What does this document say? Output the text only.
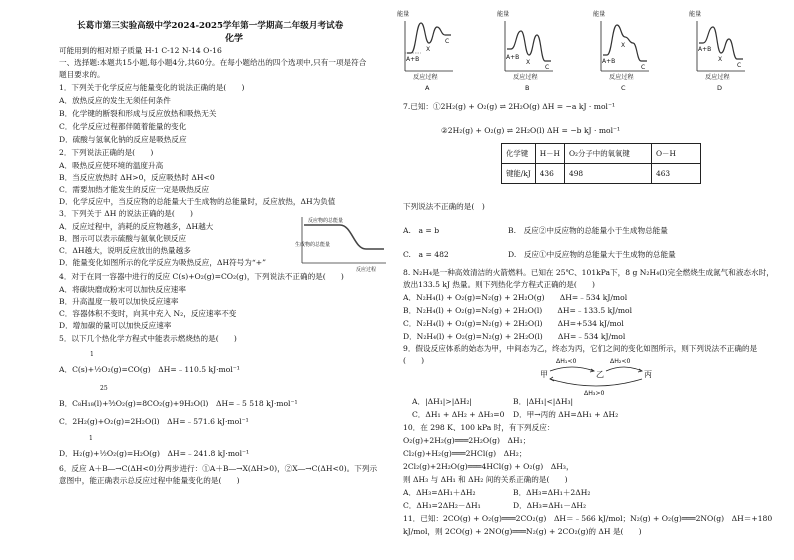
长葛市第三实验高级中学2024-2025学年第一学期高二年级月考试卷
化学
可能用到的相对原子质量 H-1 C-12 N-14 O-16
一、选择题:本题共15小题,每小题4分,共60分。在每小题给出的四个选项中,只有一项是符合
题目要求的。
1．下列关于化学反应与能量变化的说法正确的是(　　)
A．放热反应的发生无须任何条件
B．化学键的断裂和形成与反应放热和吸热无关
C．化学反应过程都伴随着能量的变化
D．硫酸与氢氧化钠的反应是吸热反应
2．下列说法正确的是(　　)
A．吸热反应使环境的温度升高
B．当反应放热时 ΔH>0，反应吸热时 ΔH<0
C．需要加热才能发生的反应一定是吸热反应
D．化学反应中，当反应物的总能量大于生成物的总能量时，反应放热，ΔH为负值
3．下列关于 ΔH 的说法正确的是(　　)
A．反应过程中，消耗的反应物越多，ΔH越大
B．图示可以表示硫酸与氨氧化钡反应
C．ΔH越大，说明反应放出的热量越多
D．能量变化如图所示的化学反应为吸热反应，ΔH符号为“+”
反应物的总能量
生成物的总能量
反应过程
4．对于在同一容器中进行的反应 C(s)+O₂(g)=CO₂(g)，下列说法不正确的是(　　)
A．将碳块磨成粉末可以加快反应速率
B．升高温度一般可以加快反应速率
C．容器体积不变时，向其中充入 N₂，反应速率不变
D．增加碳的量可以加快反应速率
5．以下几个热化学方程式中能表示燃烧热的是(　　)
1
A．C(s)+½O₂(g)=CO(g)　ΔH=﹣110.5 kJ·mol⁻¹
25
B．C₈H₁₈(l)+⁵⁄₂O₂(g)=8CO₂(g)+9H₂O(l)　ΔH=﹣5 518 kJ·mol⁻¹
C．2H₂(g)+O₂(g)=2H₂O(l)　ΔH=﹣571.6 kJ·mol⁻¹
1
D．H₂(g)+½O₂(g)=H₂O(g)　ΔH=﹣241.8 kJ·mol⁻¹
6．反应 A＋B―→C(ΔH<0)分两步进行：①A＋B―→X(ΔH>0)，②X―→C(ΔH<0)。下列示
意图中，能正确表示总反应过程中能量变化的是(　　)
能量
A+B
X
C
反应过程
A
能量
A+B
X
C
反应过程
B
能量
A+B
X
C
反应过程
C
能量
A+B
X
C
反应过程
D
7.已知：①2H₂(g) + O₂(g) ⇌ 2H₂O(g) ΔH = −a kJ · mol⁻¹
②2H₂(g) + O₂(g) ⇌ 2H₂O(l) ΔH = −b kJ · mol⁻¹
化学键	H－H	O₂分子中的氧氧键	O－H
键能/kJ	436	498	463
下列说法不正确的是(　)
A.　a = b	B.　反应②中反应物的总能量小于生成物总能量
C.　a = 482	D.　反应①中反应物的总能量大于生成物的总能量
8. N₂H₄是一种高效清洁的火箭燃料。已知在 25℃、101kPa下，8 g N₂H₄(l)完全燃烧生成氮气和液态水时，
放出133.5 kJ 热量。则下列热化学方程式正确的是(　　)
A．N₂H₄(l) + O₂(g)=N₂(g) + 2H₂O(g)　　ΔH=﹣534 kJ/mol
B．N₂H₄(l) + O₂(g)=N₂(g) + 2H₂O(l)　　ΔH=﹣133.5 kJ/mol
C．N₂H₄(l) + O₂(g)=N₂(g) + 2H₂O(l)　　ΔH=+534 kJ/mol
D．N₂H₄(l) + O₂(g)=N₂(g) + 2H₂O(l)　　ΔH=﹣534 kJ/mol
9．假设反应体系的始态为甲，中间态为乙，终态为丙，它们之间的变化如图所示，则下列说法不正确的是
(　　)
甲	乙	丙
ΔH₁<0	ΔH₂<0
ΔH₃>0
A．|ΔH₁|>|ΔH₂|	B．|ΔH₁|<|ΔH₃|
C．ΔH₁ + ΔH₂ + ΔH₃=0 D．甲→丙的 ΔH=ΔH₁ + ΔH₂
10．在 298 K、100 kPa 时，有下列反应：
O₂(g)+2H₂(g)═══2H₂O(g)　ΔH₁；
Cl₂(g)+H₂(g)═══2HCl(g)　ΔH₂；
2Cl₂(g)+2H₂O(g)═══4HCl(g) + O₂(g)　ΔH₃，
则 ΔH₃ 与 ΔH₁ 和 ΔH₂ 间的关系正确的是(　　)
A．ΔH₃=ΔH₁＋ΔH₂	B．ΔH₃=ΔH₁＋2ΔH₂
C．ΔH₃=2ΔH₂－ΔH₁	D．ΔH₃=ΔH₁－ΔH₂
11．已知：2CO(g) + O₂(g)═══2CO₂(g)　ΔH＝﹣566 kJ/mol；N₂(g) + O₂(g)═══2NO(g)　ΔH＝+180
kJ/mol，则 2CO(g) + 2NO(g)═══N₂(g) + 2CO₂(g)的 ΔH 是(　　)
